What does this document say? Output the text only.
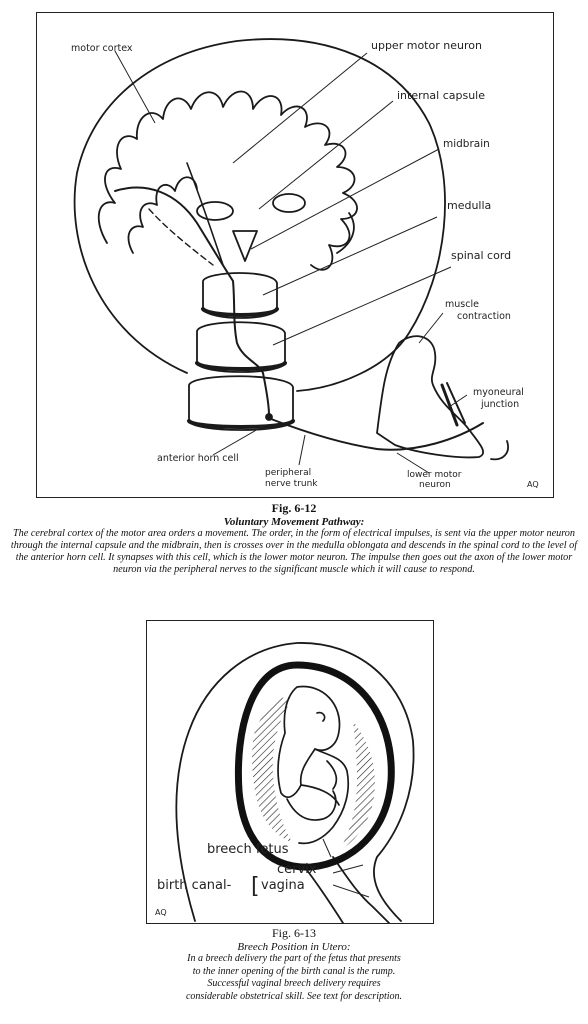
motor cortex	upper motor neuron
internal capsule
midbrain
medulla
spinal cord
muscle
contraction
myoneural
junction
anterior horn cell
peripheral
nerve trunk
lower motor
neuron	AQ
Fig. 6-12
Voluntary Movement Pathway:
The cerebral cortex of the motor area orders a movement. The order, in the form of electrical impulses, is sent via the upper motor neuron through the internal capsule and the midbrain, then is crosses over in the medulla oblongata and descends in the spinal cord to the level of the anterior horn cell. It synapses with this cell, which is the lower motor neuron. The impulse then goes out the axon of the lower motor neuron via the peripheral nerves to the significant muscle which it will cause to respond.
breech fetus
cervix
birth canal- [ vagina
AQ
Fig. 6-13
Breech Position in Utero:
In a breech delivery the part of the fetus that presents
to the inner opening of the birth canal is the rump.
Successful vaginal breech delivery requires
considerable obstetrical skill. See text for description.
